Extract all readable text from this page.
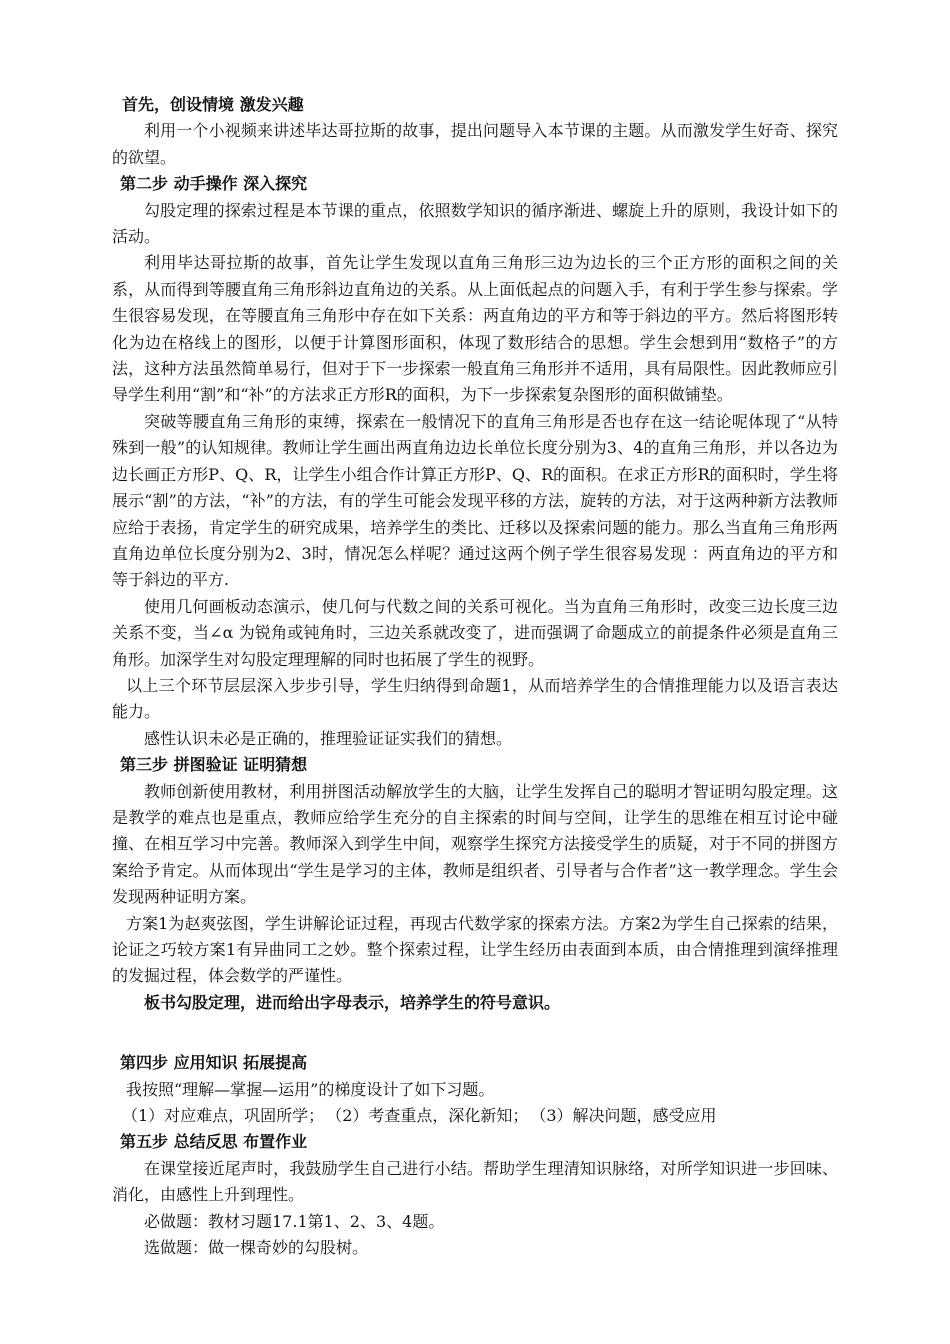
首先，创设情境 激发兴趣

利用一个小视频来讲述毕达哥拉斯的故事，提出问题导入本节课的主题。从而激发学生好奇、探究的欲望。

第二步 动手操作 深入探究

勾股定理的探索过程是本节课的重点，依照数学知识的循序渐进、螺旋上升的原则，我设计如下的活动。

利用毕达哥拉斯的故事，首先让学生发现以直角三角形三边为边长的三个正方形的面积之间的关系，从而得到等腰直角三角形斜边直角边的关系。从上面低起点的问题入手，有利于学生参与探索。学生很容易发现，在等腰直角三角形中存在如下关系：两直角边的平方和等于斜边的平方。然后将图形转化为边在格线上的图形，以便于计算图形面积，体现了数形结合的思想。学生会想到用“数格子”的方法，这种方法虽然简单易行，但对于下一步探索一般直角三角形并不适用，具有局限性。因此教师应引导学生利用“割”和“补”的方法求正方形R的面积，为下一步探索复杂图形的面积做铺垫。

突破等腰直角三角形的束缚，探索在一般情况下的直角三角形是否也存在这一结论呢体现了“从特殊到一般”的认知规律。教师让学生画出两直角边边长单位长度分别为3、4的直角三角形，并以各边为边长画正方形P、Q、R，让学生小组合作计算正方形P、Q、R的面积。在求正方形R的面积时，学生将展示“割”的方法，“补”的方法，有的学生可能会发现平移的方法，旋转的方法，对于这两种新方法教师应给于表扬，肯定学生的研究成果，培养学生的类比、迁移以及探索问题的能力。那么当直角三角形两直角边单位长度分别为2、3时，情况怎么样呢？通过这两个例子学生很容易发现 ：两直角边的平方和等于斜边的平方.

使用几何画板动态演示，使几何与代数之间的关系可视化。当为直角三角形时，改变三边长度三边关系不变，当∠α 为锐角或钝角时，三边关系就改变了，进而强调了命题成立的前提条件必须是直角三角形。加深学生对勾股定理理解的同时也拓展了学生的视野。

以上三个环节层层深入步步引导，学生归纳得到命题1，从而培养学生的合情推理能力以及语言表达能力。

感性认识未必是正确的，推理验证证实我们的猜想。

第三步 拼图验证 证明猜想

教师创新使用教材，利用拼图活动解放学生的大脑，让学生发挥自己的聪明才智证明勾股定理。这是教学的难点也是重点，教师应给学生充分的自主探索的时间与空间，让学生的思维在相互讨论中碰撞、在相互学习中完善。教师深入到学生中间，观察学生探究方法接受学生的质疑，对于不同的拼图方案给予肯定。从而体现出“学生是学习的主体，教师是组织者、引导者与合作者”这一教学理念。学生会发现两种证明方案。

方案1为赵爽弦图，学生讲解论证过程，再现古代数学家的探索方法。方案2为学生自己探索的结果，论证之巧较方案1有异曲同工之妙。整个探索过程，让学生经历由表面到本质，由合情推理到演绎推理的发掘过程，体会数学的严谨性。

板书勾股定理，进而给出字母表示，培养学生的符号意识。

第四步 应用知识 拓展提高

我按照“理解—掌握—运用”的梯度设计了如下习题。

（1）对应难点，巩固所学； （2）考查重点，深化新知； （3）解决问题，感受应用

第五步 总结反思 布置作业

在课堂接近尾声时，我鼓励学生自己进行小结。帮助学生理清知识脉络，对所学知识进一步回味、消化，由感性上升到理性。

必做题：教材习题17.1第1、2、3、4题。

选做题：做一棵奇妙的勾股树。
